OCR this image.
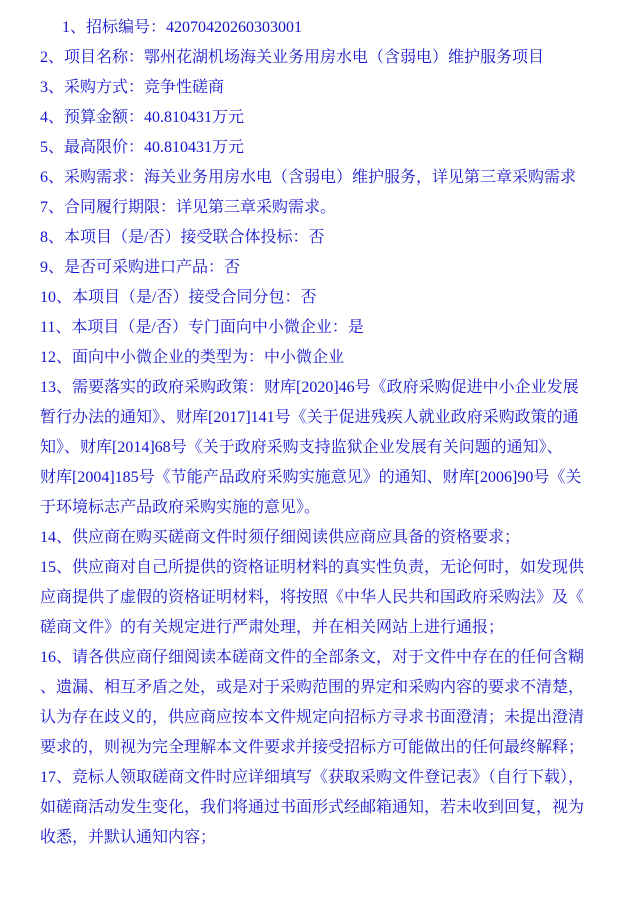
1、招标编号：42070420260303001
2、项目名称：鄂州花湖机场海关业务用房水电（含弱电）维护服务项目
3、采购方式：竞争性磋商
4、预算金额：40.810431万元
5、最高限价：40.810431万元
6、采购需求：海关业务用房水电（含弱电）维护服务，详见第三章采购需求
7、合同履行期限：详见第三章采购需求。
8、本项目（是/否）接受联合体投标：否
9、是否可采购进口产品：否
10、本项目（是/否）接受合同分包：否
11、本项目（是/否）专门面向中小微企业：是
12、面向中小微企业的类型为：中小微企业
13、需要落实的政府采购政策：财库[2020]46号《政府采购促进中小企业发展
暂行办法的通知》、财库[2017]141号《关于促进残疾人就业政府采购政策的通
知》、财库[2014]68号《关于政府采购支持监狱企业发展有关问题的通知》、
财库[2004]185号《节能产品政府采购实施意见》的通知、财库[2006]90号《关
于环境标志产品政府采购实施的意见》。
14、供应商在购买磋商文件时须仔细阅读供应商应具备的资格要求；
15、供应商对自己所提供的资格证明材料的真实性负责，无论何时，如发现供
应商提供了虚假的资格证明材料，将按照《中华人民共和国政府采购法》及《
磋商文件》的有关规定进行严肃处理，并在相关网站上进行通报；
16、请各供应商仔细阅读本磋商文件的全部条文，对于文件中存在的任何含糊
、遗漏、相互矛盾之处，或是对于采购范围的界定和采购内容的要求不清楚，
认为存在歧义的，供应商应按本文件规定向招标方寻求书面澄清；未提出澄清
要求的，则视为完全理解本文件要求并接受招标方可能做出的任何最终解释；
17、竞标人领取磋商文件时应详细填写《获取采购文件登记表》（自行下载），
如磋商活动发生变化，我们将通过书面形式经邮箱通知，若未收到回复，视为
收悉，并默认通知内容；
